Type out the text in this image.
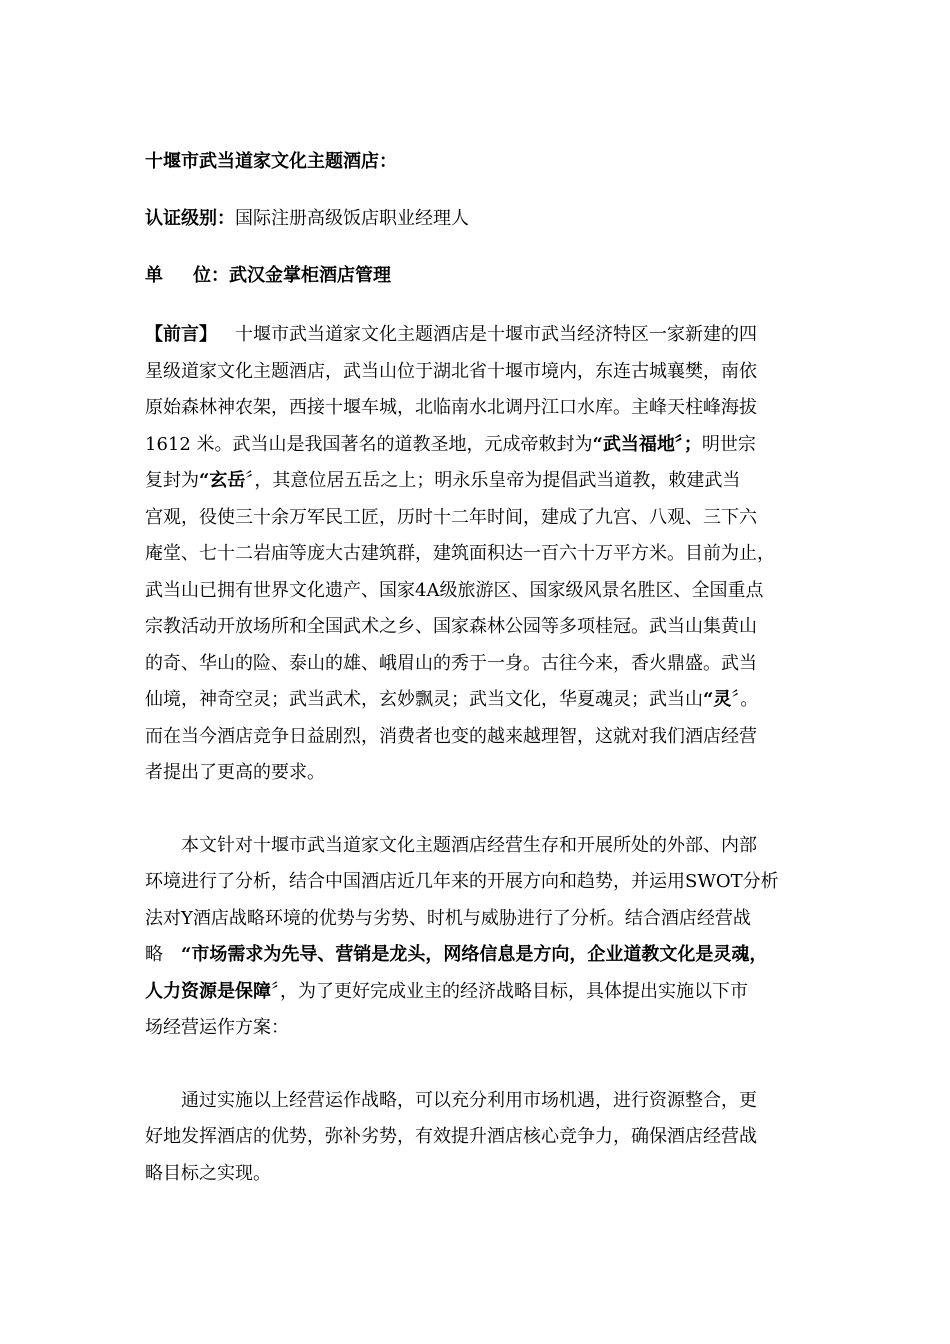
十堰市武当道家文化主题酒店：
认证级别：国际注册高级饭店职业经理人
单 位：武汉金掌柜酒店管理
【前言】  十堰市武当道家文化主题酒店是十堰市武当经济特区一家新建的四
星级道家文化主题酒店，武当山位于湖北省十堰市境内，东连古城襄樊，南依
原始森林神农架，西接十堰车城，北临南水北调丹江口水库。主峰天柱峰海拔
1612 米。武当山是我国著名的道教圣地，元成帝敕封为“武当福地〞；明世宗
复封为“玄岳〞，其意位居五岳之上；明永乐皇帝为提倡武当道教，敕建武当
宫观，役使三十余万军民工匠，历时十二年时间，建成了九宫、八观、三下六
庵堂、七十二岩庙等庞大古建筑群，建筑面积达一百六十万平方米。目前为止，
武当山已拥有世界文化遗产、国家4A级旅游区、国家级风景名胜区、全国重点
宗教活动开放场所和全国武术之乡、国家森林公园等多项桂冠。武当山集黄山
的奇、华山的险、泰山的雄、峨眉山的秀于一身。古往今来，香火鼎盛。武当
仙境，神奇空灵；武当武术，玄妙飘灵；武当文化，华夏魂灵；武当山“灵〞。
而在当今酒店竞争日益剧烈，消费者也变的越来越理智，这就对我们酒店经营
者提出了更高的要求。
本文针对十堰市武当道家文化主题酒店经营生存和开展所处的外部、内部
环境进行了分析，结合中国酒店近几年来的开展方向和趋势，并运用SWOT分析
法对Y酒店战略环境的优势与劣势、时机与威胁进行了分析。结合酒店经营战
略  “市场需求为先导、营销是龙头，网络信息是方向，企业道教文化是灵魂，
人力资源是保障〞，为了更好完成业主的经济战略目标，具体提出实施以下市
场经营运作方案：
通过实施以上经营运作战略，可以充分利用市场机遇，进行资源整合，更
好地发挥酒店的优势，弥补劣势，有效提升酒店核心竞争力，确保酒店经营战
略目标之实现。
